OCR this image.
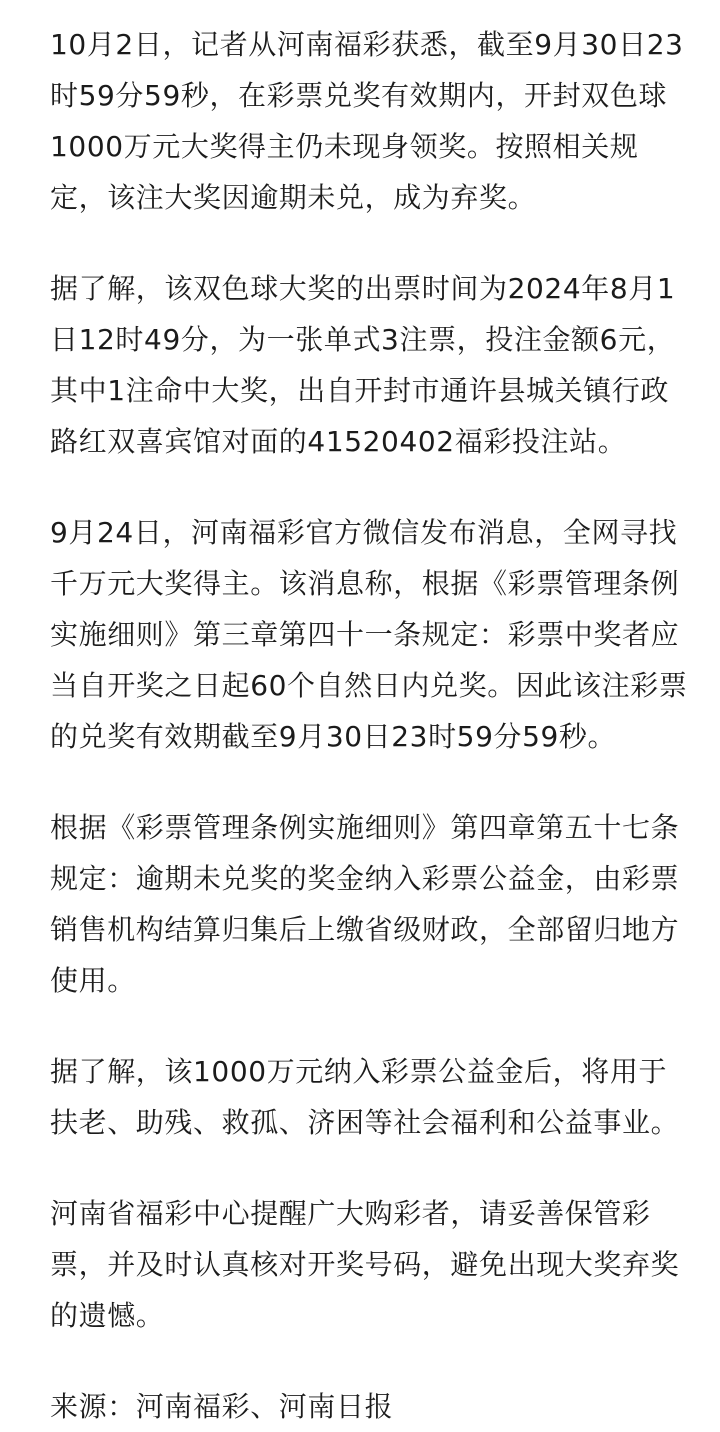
10月2日，记者从河南福彩获悉，截至9月30日23
时59分59秒，在彩票兑奖有效期内，开封双色球
1000万元大奖得主仍未现身领奖。按照相关规
定，该注大奖因逾期未兑，成为弃奖。

据了解，该双色球大奖的出票时间为2024年8月1
日12时49分，为一张单式3注票，投注金额6元，
其中1注命中大奖，出自开封市通许县城关镇行政
路红双喜宾馆对面的41520402福彩投注站。

9月24日，河南福彩官方微信发布消息，全网寻找
千万元大奖得主。该消息称，根据《彩票管理条例
实施细则》第三章第四十一条规定：彩票中奖者应
当自开奖之日起60个自然日内兑奖。因此该注彩票
的兑奖有效期截至9月30日23时59分59秒。

根据《彩票管理条例实施细则》第四章第五十七条
规定：逾期未兑奖的奖金纳入彩票公益金，由彩票
销售机构结算归集后上缴省级财政，全部留归地方
使用。

据了解，该1000万元纳入彩票公益金后，将用于
扶老、助残、救孤、济困等社会福利和公益事业。

河南省福彩中心提醒广大购彩者，请妥善保管彩
票，并及时认真核对开奖号码，避免出现大奖弃奖
的遗憾。

来源：河南福彩、河南日报
